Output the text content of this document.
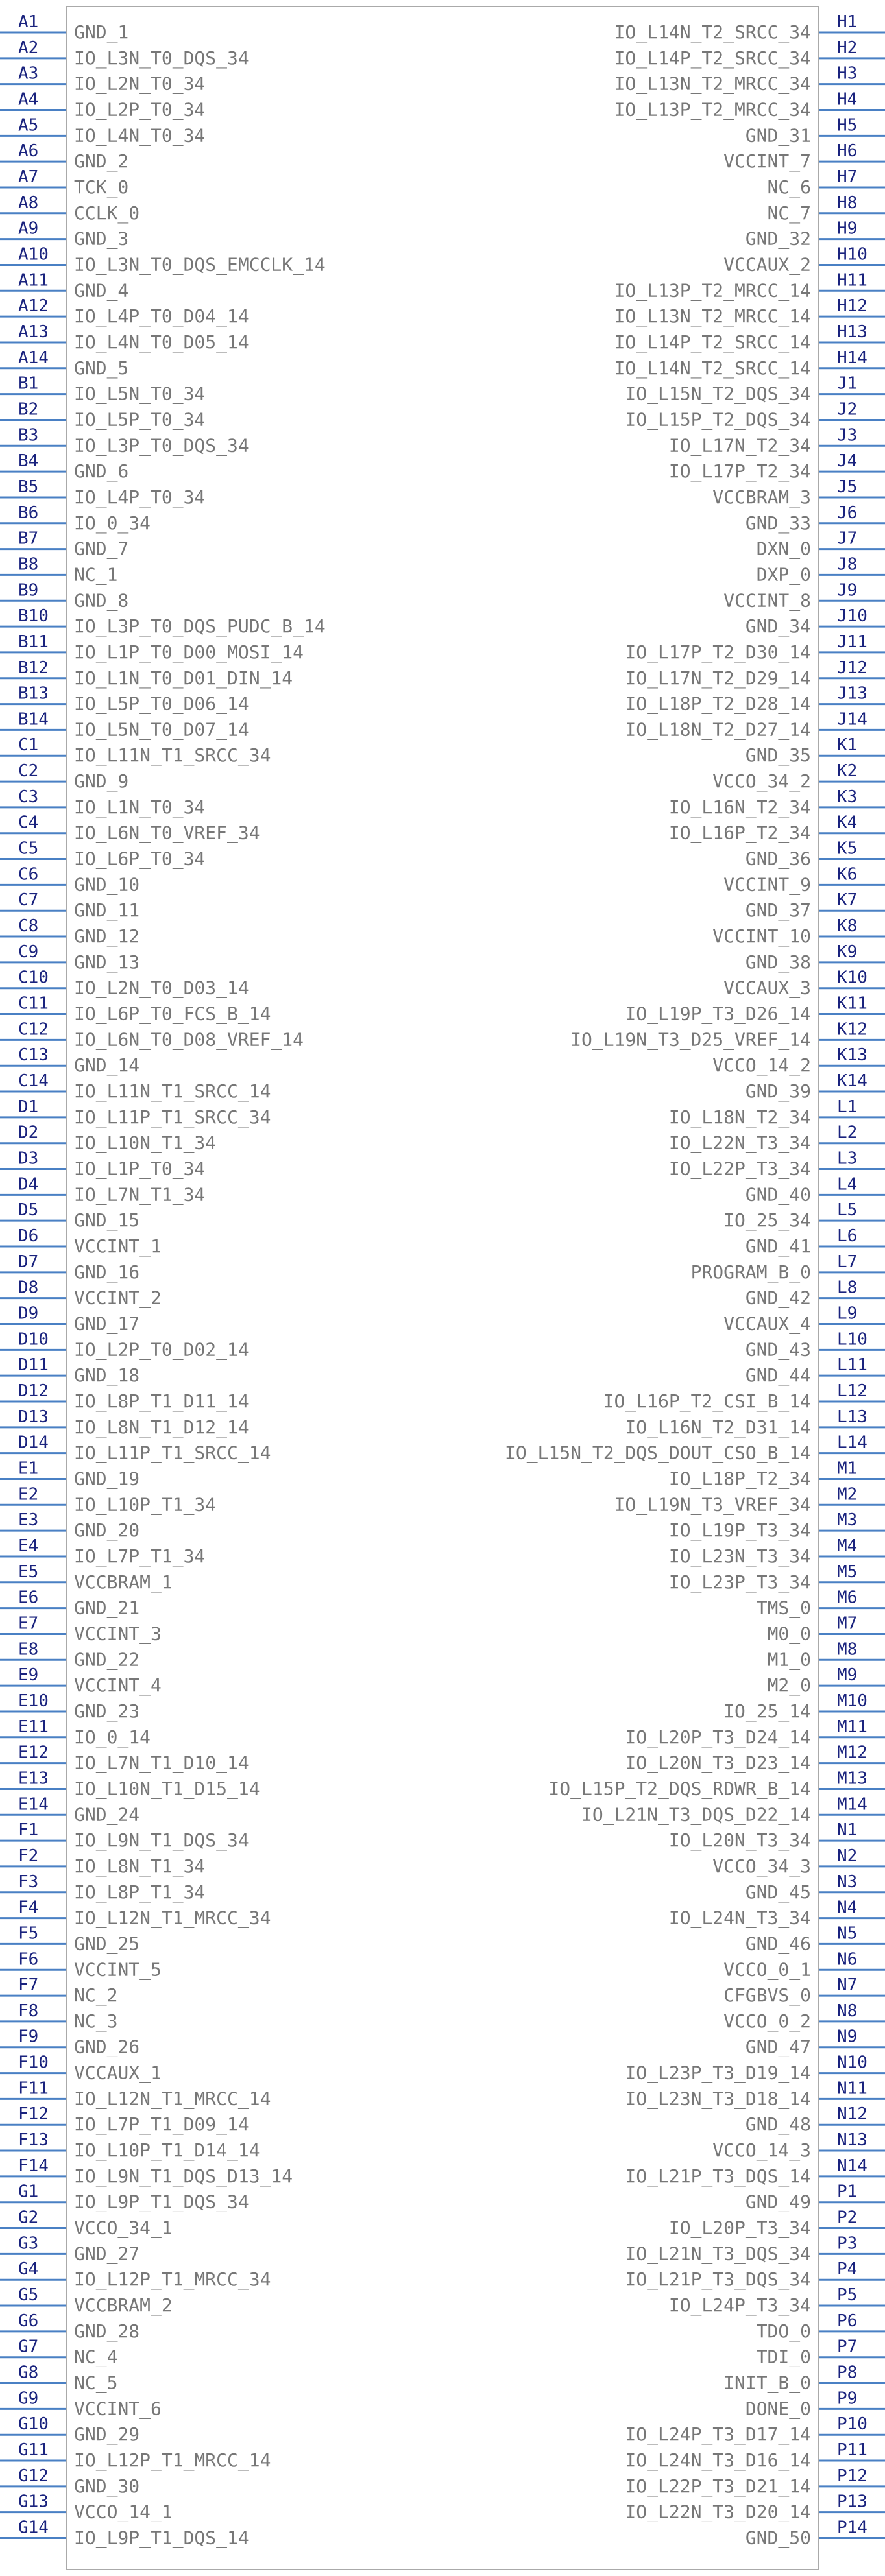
A1 GND_1
A2 IO_L3N_T0_DQS_34
A3 IO_L2N_T0_34
A4 IO_L2P_T0_34
A5 IO_L4N_T0_34
A6 GND_2
A7 TCK_0
A8 CCLK_0
A9 GND_3
A10 IO_L3N_T0_DQS_EMCCLK_14
A11 GND_4
A12 IO_L4P_T0_D04_14
A13 IO_L4N_T0_D05_14
A14 GND_5
B1 IO_L5N_T0_34
B2 IO_L5P_T0_34
B3 IO_L3P_T0_DQS_34
B4 GND_6
B5 IO_L4P_T0_34
B6 IO_0_34
B7 GND_7
B8 NC_1
B9 GND_8
B10 IO_L3P_T0_DQS_PUDC_B_14
B11 IO_L1P_T0_D00_MOSI_14
B12 IO_L1N_T0_D01_DIN_14
B13 IO_L5P_T0_D06_14
B14 IO_L5N_T0_D07_14
C1 IO_L11N_T1_SRCC_34
C2 GND_9
C3 IO_L1N_T0_34
C4 IO_L6N_T0_VREF_34
C5 IO_L6P_T0_34
C6 GND_10
C7 GND_11
C8 GND_12
C9 GND_13
C10 IO_L2N_T0_D03_14
C11 IO_L6P_T0_FCS_B_14
C12 IO_L6N_T0_D08_VREF_14
C13 GND_14
C14 IO_L11N_T1_SRCC_14
D1 IO_L11P_T1_SRCC_34
D2 IO_L10N_T1_34
D3 IO_L1P_T0_34
D4 IO_L7N_T1_34
D5 GND_15
D6 VCCINT_1
D7 GND_16
D8 VCCINT_2
D9 GND_17
D10 IO_L2P_T0_D02_14
D11 GND_18
D12 IO_L8P_T1_D11_14
D13 IO_L8N_T1_D12_14
D14 IO_L11P_T1_SRCC_14
E1 GND_19
E2 IO_L10P_T1_34
E3 GND_20
E4 IO_L7P_T1_34
E5 VCCBRAM_1
E6 GND_21
E7 VCCINT_3
E8 GND_22
E9 VCCINT_4
E10 GND_23
E11 IO_0_14
E12 IO_L7N_T1_D10_14
E13 IO_L10N_T1_D15_14
E14 GND_24
F1 IO_L9N_T1_DQS_34
F2 IO_L8N_T1_34
F3 IO_L8P_T1_34
F4 IO_L12N_T1_MRCC_34
F5 GND_25
F6 VCCINT_5
F7 NC_2
F8 NC_3
F9 GND_26
F10 VCCAUX_1
F11 IO_L12N_T1_MRCC_14
F12 IO_L7P_T1_D09_14
F13 IO_L10P_T1_D14_14
F14 IO_L9N_T1_DQS_D13_14
G1 IO_L9P_T1_DQS_34
G2 VCCO_34_1
G3 GND_27
G4 IO_L12P_T1_MRCC_34
G5 VCCBRAM_2
G6 GND_28
G7 NC_4
G8 NC_5
G9 VCCINT_6
G10 GND_29
G11 IO_L12P_T1_MRCC_14
G12 GND_30
G13 VCCO_14_1
G14 IO_L9P_T1_DQS_14
H1
IO_L14N_T2_SRCC_34
H2
IO_L14P_T2_SRCC_34
H3
IO_L13N_T2_MRCC_34
H4
IO_L13P_T2_MRCC_34
H5
GND_31
H6
VCCINT_7
H7
NC_6
H8
NC_7
H9
GND_32
H10
VCCAUX_2
H11
IO_L13P_T2_MRCC_14
H12
IO_L13N_T2_MRCC_14
H13
IO_L14P_T2_SRCC_14
H14
IO_L14N_T2_SRCC_14
J1
IO_L15N_T2_DQS_34
J2
IO_L15P_T2_DQS_34
J3
IO_L17N_T2_34
J4
IO_L17P_T2_34
J5
VCCBRAM_3
J6
GND_33
J7
DXN_0
J8
DXP_0
J9
VCCINT_8
J10
GND_34
J11
IO_L17P_T2_D30_14
J12
IO_L17N_T2_D29_14
J13
IO_L18P_T2_D28_14
J14
IO_L18N_T2_D27_14
K1
GND_35
K2
VCCO_34_2
K3
IO_L16N_T2_34
K4
IO_L16P_T2_34
K5
GND_36
K6
VCCINT_9
K7
GND_37
K8
VCCINT_10
K9
GND_38
K10
VCCAUX_3
K11
IO_L19P_T3_D26_14
K12
IO_L19N_T3_D25_VREF_14
K13
VCCO_14_2
K14
GND_39
L1
IO_L18N_T2_34
L2
IO_L22N_T3_34
L3
IO_L22P_T3_34
L4
GND_40
L5
IO_25_34
L6
GND_41
L7
PROGRAM_B_0
L8
GND_42
L9
VCCAUX_4
L10
GND_43
L11
GND_44
L12
IO_L16P_T2_CSI_B_14
L13
IO_L16N_T2_D31_14
L14
IO_L15N_T2_DQS_DOUT_CSO_B_14
M1
IO_L18P_T2_34
M2
IO_L19N_T3_VREF_34
M3
IO_L19P_T3_34
M4
IO_L23N_T3_34
M5
IO_L23P_T3_34
M6
TMS_0
M7
M0_0
M8
M1_0
M9
M2_0
M10
IO_25_14
M11
IO_L20P_T3_D24_14
M12
IO_L20N_T3_D23_14
M13
IO_L15P_T2_DQS_RDWR_B_14
M14
IO_L21N_T3_DQS_D22_14
N1
IO_L20N_T3_34
N2
VCCO_34_3
N3
GND_45
N4
IO_L24N_T3_34
N5
GND_46
N6
VCCO_0_1
N7
CFGBVS_0
N8
VCCO_0_2
N9
GND_47
N10
IO_L23P_T3_D19_14
N11
IO_L23N_T3_D18_14
N12
GND_48
N13
VCCO_14_3
N14
IO_L21P_T3_DQS_14
P1
GND_49
P2
IO_L20P_T3_34
P3
IO_L21N_T3_DQS_34
P4
IO_L21P_T3_DQS_34
P5
IO_L24P_T3_34
P6
TDO_0
P7
TDI_0
P8
INIT_B_0
P9
DONE_0
P10
IO_L24P_T3_D17_14
P11
IO_L24N_T3_D16_14
P12
IO_L22P_T3_D21_14
P13
IO_L22N_T3_D20_14
P14
GND_50
